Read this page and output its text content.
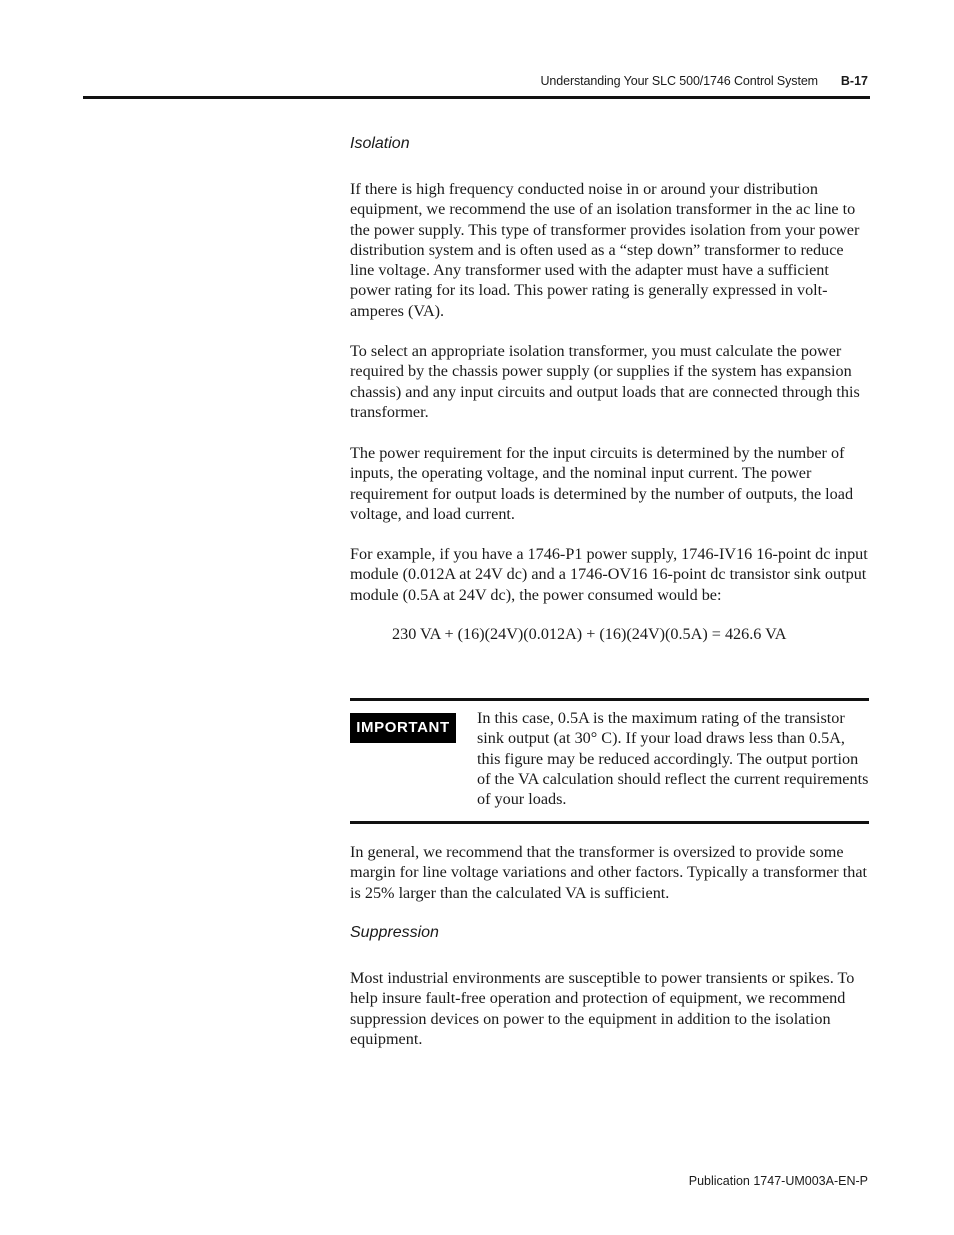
Understanding Your SLC 500/1746 Control System B-17
Isolation

If there is high frequency conducted noise in or around your distribution equipment, we recommend the use of an isolation transformer in the ac line to the power supply. This type of transformer provides isolation from your power distribution system and is often used as a “step down” transformer to reduce line voltage. Any transformer used with the adapter must have a sufficient power rating for its load. This power rating is generally expressed in volt-amperes (VA).

To select an appropriate isolation transformer, you must calculate the power required by the chassis power supply (or supplies if the system has expansion chassis) and any input circuits and output loads that are connected through this transformer.

The power requirement for the input circuits is determined by the number of inputs, the operating voltage, and the nominal input current. The power requirement for output loads is determined by the number of outputs, the load voltage, and load current.

For example, if you have a 1746-P1 power supply, 1746-IV16 16-point dc input module (0.012A at 24V dc) and a 1746-OV16 16-point dc transistor sink output module (0.5A at 24V dc), the power consumed would be:

230 VA + (16)(24V)(0.012A) + (16)(24V)(0.5A) = 426.6 VA
IMPORTANT

In this case, 0.5A is the maximum rating of the transistor sink output (at 30° C). If your load draws less than 0.5A, this figure may be reduced accordingly. The output portion of the VA calculation should reflect the current requirements of your loads.

In general, we recommend that the transformer is oversized to provide some margin for line voltage variations and other factors. Typically a transformer that is 25% larger than the calculated VA is sufficient.

Suppression

Most industrial environments are susceptible to power transients or spikes. To help insure fault-free operation and protection of equipment, we recommend suppression devices on power to the equipment in addition to the isolation equipment.

Publication 1747-UM003A-EN-P
